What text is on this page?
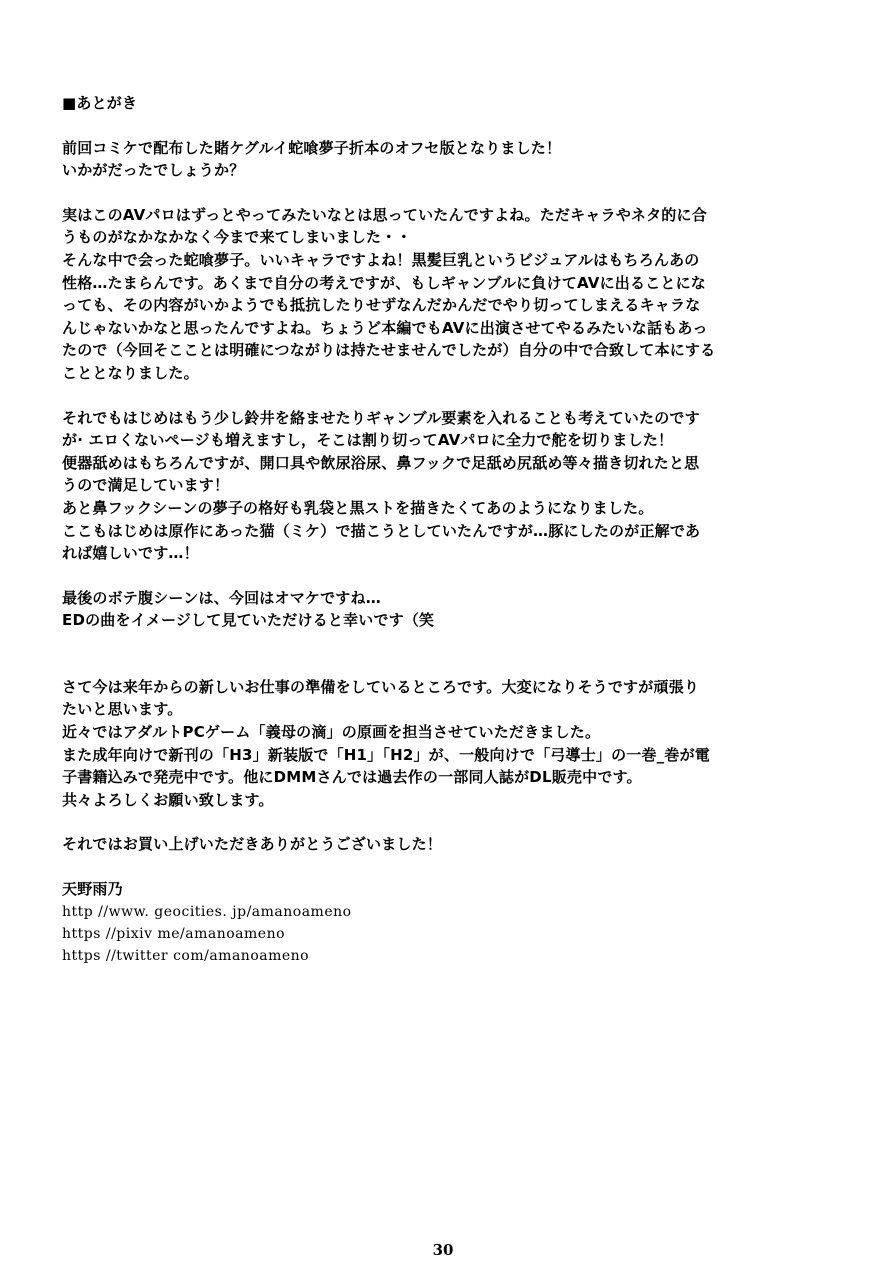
■あとがき
前回コミケで配布した賭ケグルイ蛇喰夢子折本のオフセ版となりました！
いかがだったでしょうか？
実はこのAVパロはずっとやってみたいなとは思っていたんですよね。ただキャラやネタ的に合
うものがなかなかなく今まで来てしまいました・・
そんな中で会った蛇喰夢子。いいキャラですよね！黒髪巨乳というビジュアルはもちろんあの
性格…たまらんです。あくまで自分の考えですが、もしギャンブルに負けてAVに出ることにな
っても、その内容がいかようでも抵抗したりせずなんだかんだでやり切ってしまえるキャラな
んじゃないかなと思ったんですよね。ちょうど本編でもAVに出演させてやるみたいな話もあっ
たので（今回そこことは明確につながりは持たせませんでしたが）自分の中で合致して本にする
こととなりました。
それでもはじめはもう少し鈴井を絡ませたりギャンブル要素を入れることも考えていたのです
が· エロくないページも増えますし，そこは割り切ってAVパロに全力で舵を切りました！
便器舐めはもちろんですが、開口具や飲尿浴尿、鼻フックで足舐め尻舐め等々描き切れたと思
うので満足しています！
あと鼻フックシーンの夢子の格好も乳袋と黒ストを描きたくてあのようになりました。
ここもはじめは原作にあった猫（ミケ）で描こうとしていたんですが…豚にしたのが正解であ
れば嬉しいです…！
最後のボテ腹シーンは、今回はオマケですね…
EDの曲をイメージして見ていただけると幸いです（笑
さて今は来年からの新しいお仕事の準備をしているところです。大変になりそうですが頑張り
たいと思います。
近々ではアダルトPCゲーム「義母の滴」の原画を担当させていただきました。
また成年向けで新刊の「H3」新装版で「H1」「H2」が、一般向けで「弓導士」の一巻_巻が電
子書籍込みで発売中です。他にDMMさんでは過去作の一部同人誌がDL販売中です。
共々よろしくお願い致します。
それではお買い上げいただきありがとうございました！
天野雨乃
http //www. geocities. jp/amanoameno
https //pixiv me/amanoameno
https //twitter com/amanoameno
30
